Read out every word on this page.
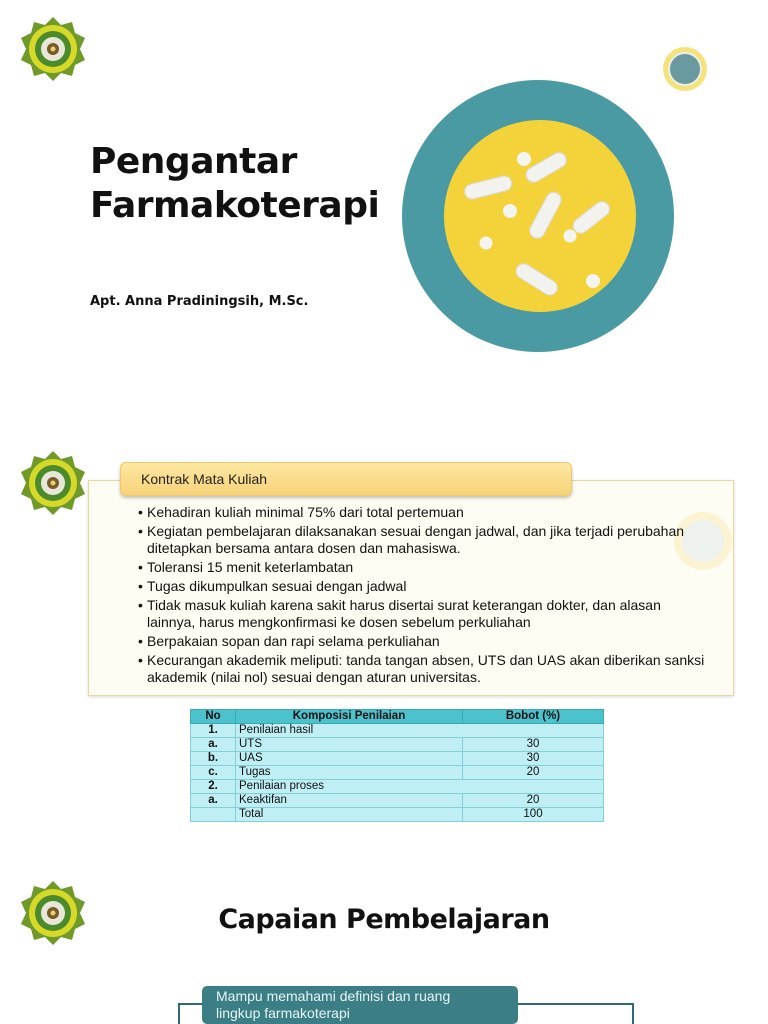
Pengantar
Farmakoterapi
Apt. Anna Pradiningsih, M.Sc.
Kontrak Mata Kuliah
• Kehadiran kuliah minimal 75% dari total pertemuan
• Kegiatan pembelajaran dilaksanakan sesuai dengan jadwal, dan jika terjadi perubahan ditetapkan bersama antara dosen dan mahasiswa.
• Toleransi 15 menit keterlambatan
• Tugas dikumpulkan sesuai dengan jadwal
• Tidak masuk kuliah karena sakit harus disertai surat keterangan dokter, dan alasan lainnya, harus mengkonfirmasi ke dosen sebelum perkuliahan
• Berpakaian sopan dan rapi selama perkuliahan
• Kecurangan akademik meliputi: tanda tangan absen, UTS dan UAS akan diberikan sanksi akademik (nilai nol) sesuai dengan aturan universitas.
No	Komposisi Penilaian	Bobot (%)
1.	Penilaian hasil	
a.	UTS	30
b.	UAS	30
c.	Tugas	20
2.	Penilaian proses	
a.	Keaktifan	20
	Total	100
Capaian Pembelajaran
Mampu memahami definisi dan ruang
lingkup farmakoterapi
